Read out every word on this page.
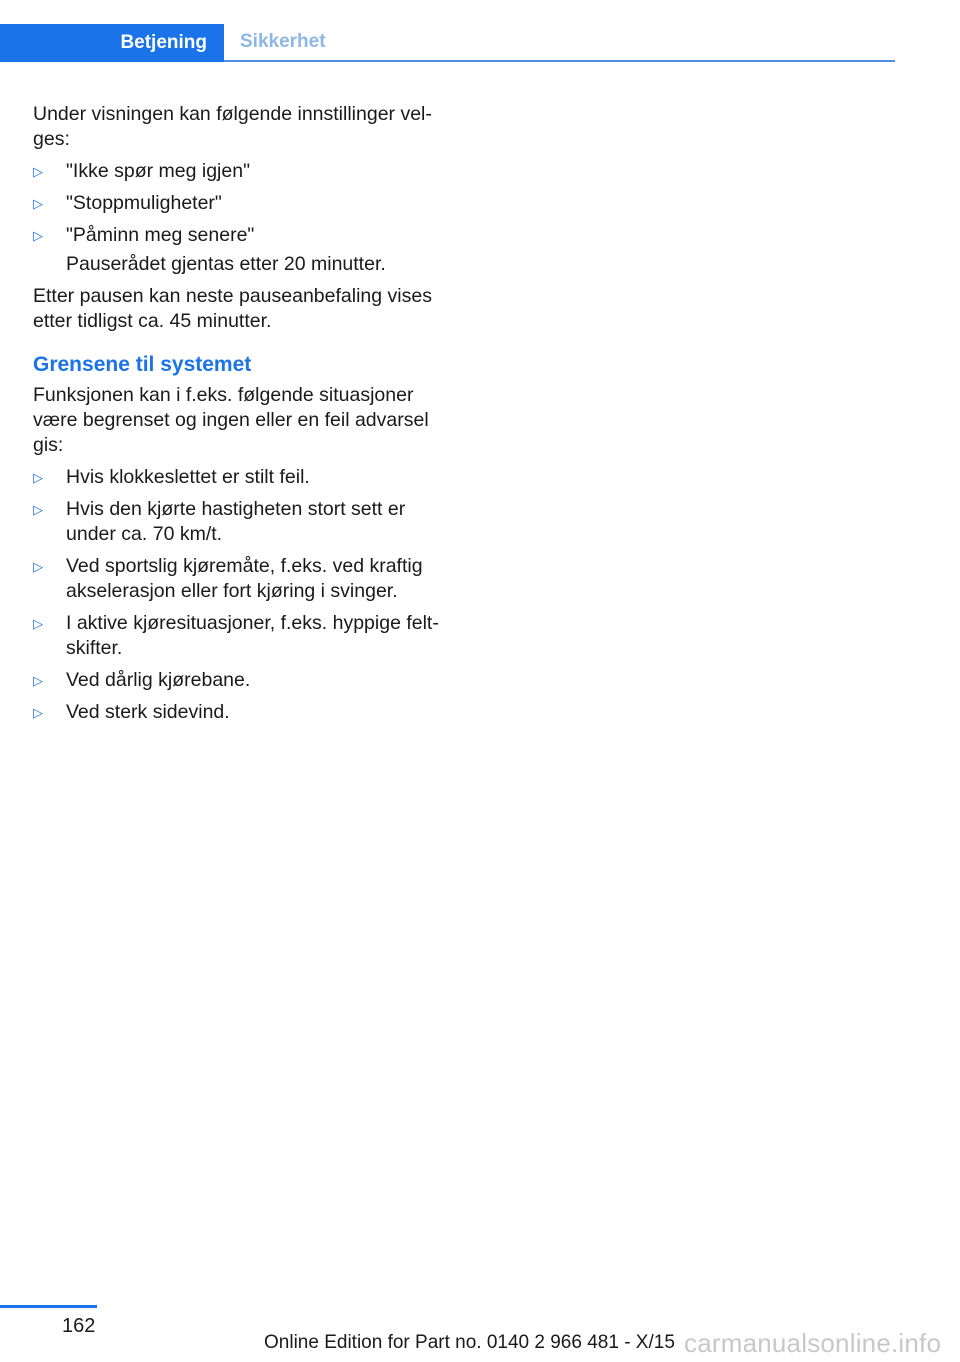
Betjening	Sikkerhet

Under visningen kan følgende innstillinger velges:

▷ "Ikke spør meg igjen"
▷ "Stoppmuligheter"
▷ "Påminn meg senere"

Pauserådet gjentas etter 20 minutter.

Etter pausen kan neste pauseanbefaling vises etter tidligst ca. 45 minutter.

Grensene til systemet

Funksjonen kan i f.eks. følgende situasjoner være begrenset og ingen eller en feil advarsel gis:

▷ Hvis klokkeslettet er stilt feil.
▷ Hvis den kjørte hastigheten stort sett er under ca. 70 km/t.
▷ Ved sportslig kjøremåte, f.eks. ved kraftig akselerasjon eller fort kjøring i svinger.
▷ I aktive kjøresituasjoner, f.eks. hyppige feltskifter.
▷ Ved dårlig kjørebane.
▷ Ved sterk sidevind.
162
Online Edition for Part no. 0140 2 966 481 - X/15 carmanualsonline.info
